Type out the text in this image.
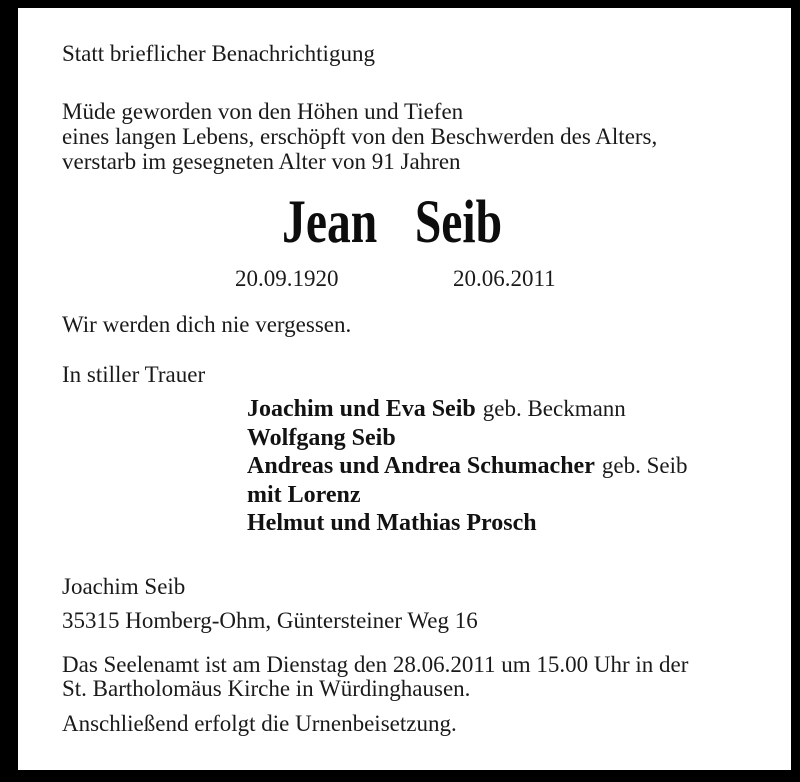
Statt brieflicher Benachrichtigung
Müde geworden von den Höhen und Tiefen
eines langen Lebens, erschöpft von den Beschwerden des Alters,
verstarb im gesegneten Alter von 91 Jahren
Jean Seib
20.09.1920	20.06.2011
Wir werden dich nie vergessen.
In stiller Trauer
Joachim und Eva Seib geb. Beckmann
Wolfgang Seib
Andreas und Andrea Schumacher geb. Seib
mit Lorenz
Helmut und Mathias Prosch
Joachim Seib
35315 Homberg-Ohm, Güntersteiner Weg 16
Das Seelenamt ist am Dienstag den 28.06.2011 um 15.00 Uhr in der
St. Bartholomäus Kirche in Würdinghausen.
Anschließend erfolgt die Urnenbeisetzung.
